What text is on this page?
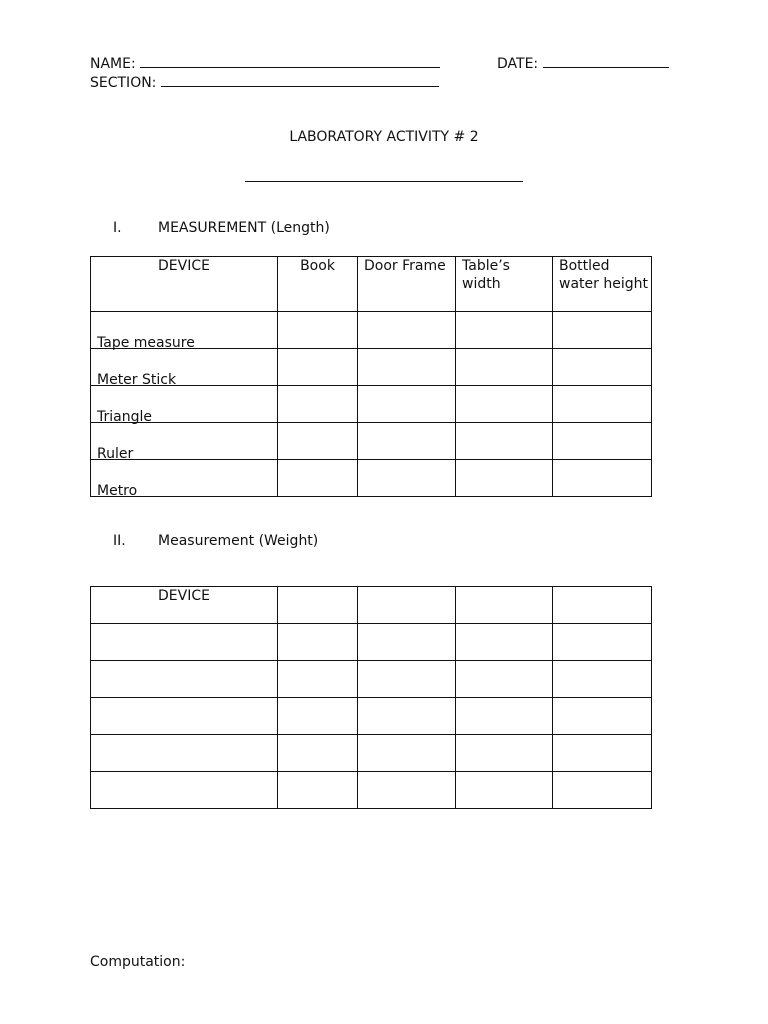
NAME:	DATE:
SECTION:
LABORATORY ACTIVITY # 2
I.	MEASUREMENT (Length)
DEVICE	Book	Door Frame	Table’s width	Bottled water height

Tape measure				

Meter Stick				

Triangle				

Ruler				

Metro				

II. Measurement (Weight)
DEVICE				

Computation:
